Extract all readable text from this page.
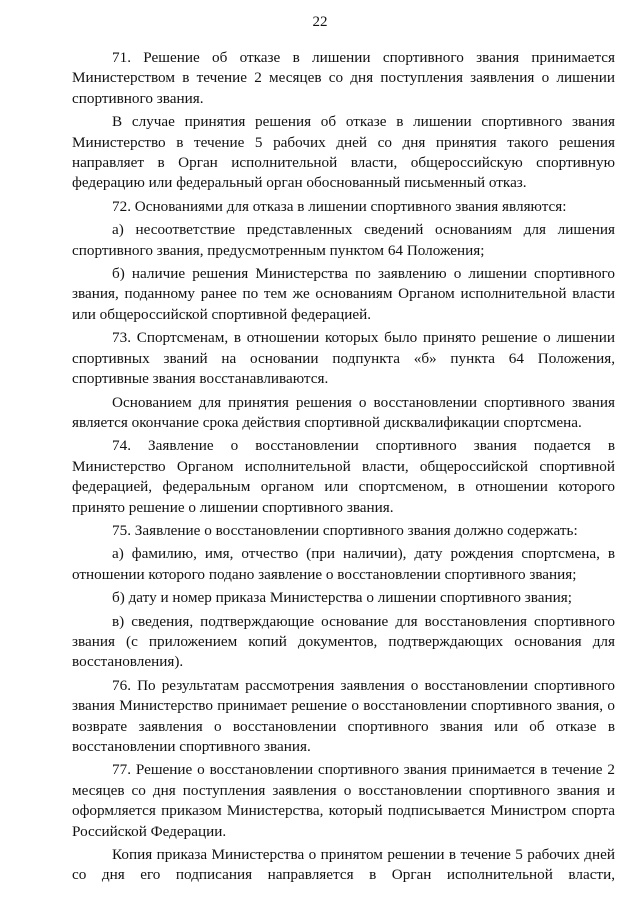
22

71. Решение об отказе в лишении спортивного звания принимается Министерством в течение 2 месяцев со дня поступления заявления о лишении спортивного звания.

В случае принятия решения об отказе в лишении спортивного звания Министерство в течение 5 рабочих дней со дня принятия такого решения направляет в Орган исполнительной власти, общероссийскую спортивную федерацию или федеральный орган обоснованный письменный отказ.

72. Основаниями для отказа в лишении спортивного звания являются:

а) несоответствие представленных сведений основаниям для лишения спортивного звания, предусмотренным пунктом 64 Положения;

б) наличие решения Министерства по заявлению о лишении спортивного звания, поданному ранее по тем же основаниям Органом исполнительной власти или общероссийской спортивной федерацией.

73. Спортсменам, в отношении которых было принято решение о лишении спортивных званий на основании подпункта «б» пункта 64 Положения, спортивные звания восстанавливаются.

Основанием для принятия решения о восстановлении спортивного звания является окончание срока действия спортивной дисквалификации спортсмена.

74. Заявление о восстановлении спортивного звания подается в Министерство Органом исполнительной власти, общероссийской спортивной федерацией, федеральным органом или спортсменом, в отношении которого принято решение о лишении спортивного звания.

75. Заявление о восстановлении спортивного звания должно содержать:

а) фамилию, имя, отчество (при наличии), дату рождения спортсмена, в отношении которого подано заявление о восстановлении спортивного звания;

б) дату и номер приказа Министерства о лишении спортивного звания;

в) сведения, подтверждающие основание для восстановления спортивного звания (с приложением копий документов, подтверждающих основания для восстановления).

76. По результатам рассмотрения заявления о восстановлении спортивного звания Министерство принимает решение о восстановлении спортивного звания, о возврате заявления о восстановлении спортивного звания или об отказе в восстановлении спортивного звания.

77. Решение о восстановлении спортивного звания принимается в течение 2 месяцев со дня поступления заявления о восстановлении спортивного звания и оформляется приказом Министерства, который подписывается Министром спорта Российской Федерации.

Копия приказа Министерства о принятом решении в течение 5 рабочих дней со дня его подписания направляется в Орган исполнительной власти,
